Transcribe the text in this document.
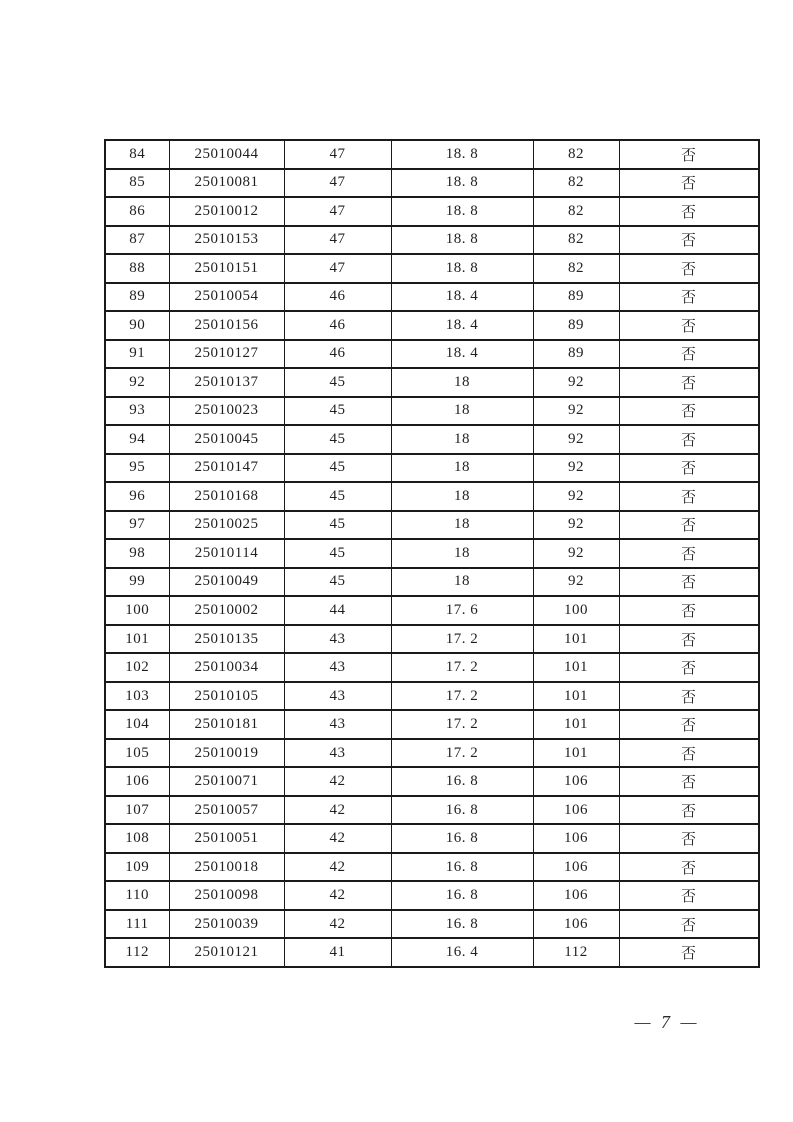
84	25010044	47	18. 8	82	否
85	25010081	47	18. 8	82	否
86	25010012	47	18. 8	82	否
87	25010153	47	18. 8	82	否
88	25010151	47	18. 8	82	否
89	25010054	46	18. 4	89	否
90	25010156	46	18. 4	89	否
91	25010127	46	18. 4	89	否
92	25010137	45	18	92	否
93	25010023	45	18	92	否
94	25010045	45	18	92	否
95	25010147	45	18	92	否
96	25010168	45	18	92	否
97	25010025	45	18	92	否
98	25010114	45	18	92	否
99	25010049	45	18	92	否
100	25010002	44	17. 6	100	否
101	25010135	43	17. 2	101	否
102	25010034	43	17. 2	101	否
103	25010105	43	17. 2	101	否
104	25010181	43	17. 2	101	否
105	25010019	43	17. 2	101	否
106	25010071	42	16. 8	106	否
107	25010057	42	16. 8	106	否
108	25010051	42	16. 8	106	否
109	25010018	42	16. 8	106	否
110	25010098	42	16. 8	106	否
111	25010039	42	16. 8	106	否
112	25010121	41	16. 4	112	否
— 7 —
